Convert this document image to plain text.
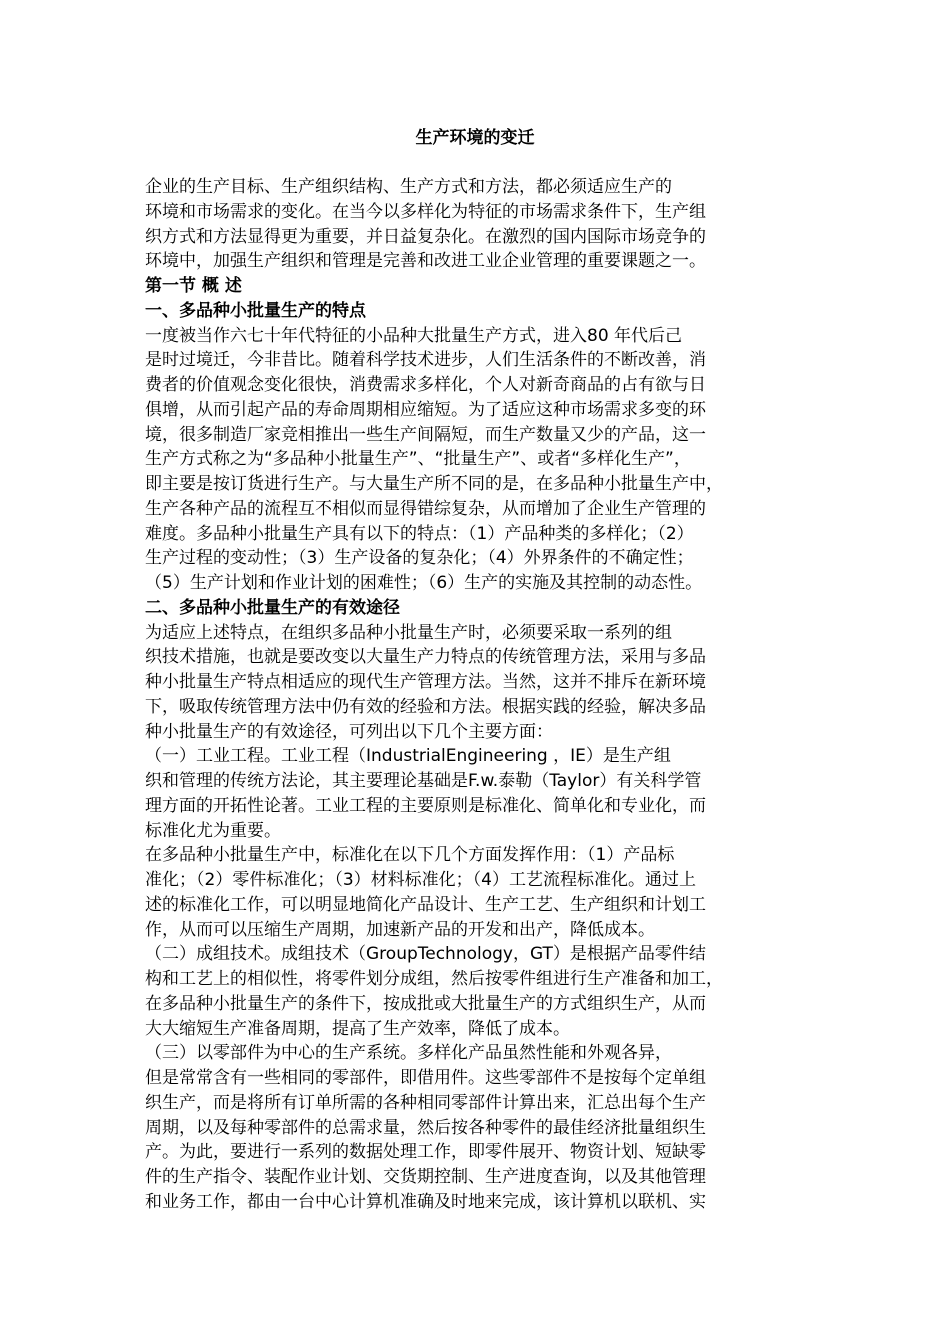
生产环境的变迁
企业的生产目标、生产组织结构、生产方式和方法，都必须适应生产的
环境和市场需求的变化。在当今以多样化为特征的市场需求条件下，生产组
织方式和方法显得更为重要，并日益复杂化。在激烈的国内国际市场竞争的
环境中，加强生产组织和管理是完善和改进工业企业管理的重要课题之一。
第一节 概 述
一、多品种小批量生产的特点
一度被当作六七十年代特征的小品种大批量生产方式，进入80 年代后己
是时过境迁，今非昔比。随着科学技术进步，人们生活条件的不断改善，消
费者的价值观念变化很快，消费需求多样化，个人对新奇商品的占有欲与日
俱增，从而引起产品的寿命周期相应缩短。为了适应这种市场需求多变的环
境，很多制造厂家竞相推出一些生产间隔短，而生产数量又少的产品，这一
生产方式称之为“多品种小批量生产”、“批量生产”、或者“多样化生产”，
即主要是按订货进行生产。与大量生产所不同的是，在多品种小批量生产中，
生产各种产品的流程互不相似而显得错综复杂，从而增加了企业生产管理的
难度。多品种小批量生产具有以下的特点：（1）产品种类的多样化；（2）
生产过程的变动性；（3）生产设备的复杂化；（4）外界条件的不确定性；
（5）生产计划和作业计划的困难性；（6）生产的实施及其控制的动态性。
二、多品种小批量生产的有效途径
为适应上述特点，在组织多品种小批量生产时，必须要采取一系列的组
织技术措施，也就是要改变以大量生产力特点的传统管理方法，采用与多品
种小批量生产特点相适应的现代生产管理方法。当然，这并不排斥在新环境
下，吸取传统管理方法中仍有效的经验和方法。根据实践的经验，解决多品
种小批量生产的有效途径，可列出以下几个主要方面：
（一）工业工程。工业工程（IndustrialEngineering ，IE）是生产组
织和管理的传统方法论，其主要理论基础是F.w.泰勒（Taylor）有关科学管
理方面的开拓性论著。工业工程的主要原则是标准化、简单化和专业化，而
标准化尤为重要。
在多品种小批量生产中，标准化在以下几个方面发挥作用：（1）产品标
准化；（2）零件标准化；（3）材料标准化；（4）工艺流程标准化。通过上
述的标准化工作，可以明显地简化产品设计、生产工艺、生产组织和计划工
作，从而可以压缩生产周期，加速新产品的开发和出产，降低成本。
（二）成组技术。成组技术（GroupTechnology，GT）是根据产品零件结
构和工艺上的相似性，将零件划分成组，然后按零件组进行生产准备和加工，
在多品种小批量生产的条件下，按成批或大批量生产的方式组织生产，从而
大大缩短生产准备周期，提高了生产效率，降低了成本。
（三）以零部件为中心的生产系统。多样化产品虽然性能和外观各异，
但是常常含有一些相同的零部件，即借用件。这些零部件不是按每个定单组
织生产，而是将所有订单所需的各种相同零部件计算出来，汇总出每个生产
周期，以及每种零部件的总需求量，然后按各种零件的最佳经济批量组织生
产。为此，要进行一系列的数据处理工作，即零件展开、物资计划、短缺零
件的生产指令、装配作业计划、交货期控制、生产进度查询，以及其他管理
和业务工作，都由一台中心计算机准确及时地来完成，该计算机以联机、实
